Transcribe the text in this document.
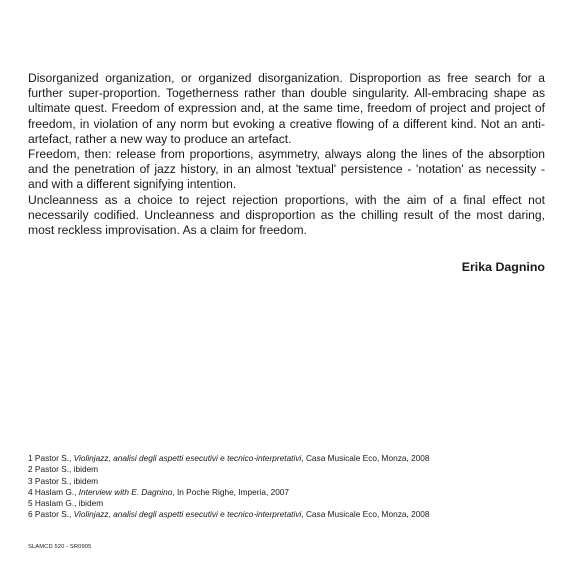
Disorganized organization, or organized disorganization. Disproportion as free search for a further super-proportion. Togetherness rather than double singularity. All-embracing shape as ultimate quest. Freedom of expression and, at the same time, freedom of project and project of freedom, in violation of any norm but evoking a creative flowing of a different kind. Not an anti-artefact, rather a new way to produce an artefact.

Freedom, then: release from proportions, asymmetry, always along the lines of the absorption and the penetration of jazz history, in an almost 'textual' persistence - 'notation' as necessity - and with a different signifying intention.

Uncleanness as a choice to reject rejection proportions, with the aim of a final effect not necessarily codified. Uncleanness and disproportion as the chilling result of the most daring, most reckless improvisation. As a claim for freedom.

Erika Dagnino

1 Pastor S., Violinjazz, analisi degli aspetti esecutivi e tecnico-interpretativi, Casa Musicale Eco, Monza, 2008
2 Pastor S., ibidem
3 Pastor S., ibidem
4 Haslam G., Interview with E. Dagnino, In Poche Righe, Imperia, 2007
5 Haslam G., ibidem
6 Pastor S., Violinjazz, analisi degli aspetti esecutivi e tecnico-interpretativi, Casa Musicale Eco, Monza, 2008

SLAMCD 520 - SR0905
